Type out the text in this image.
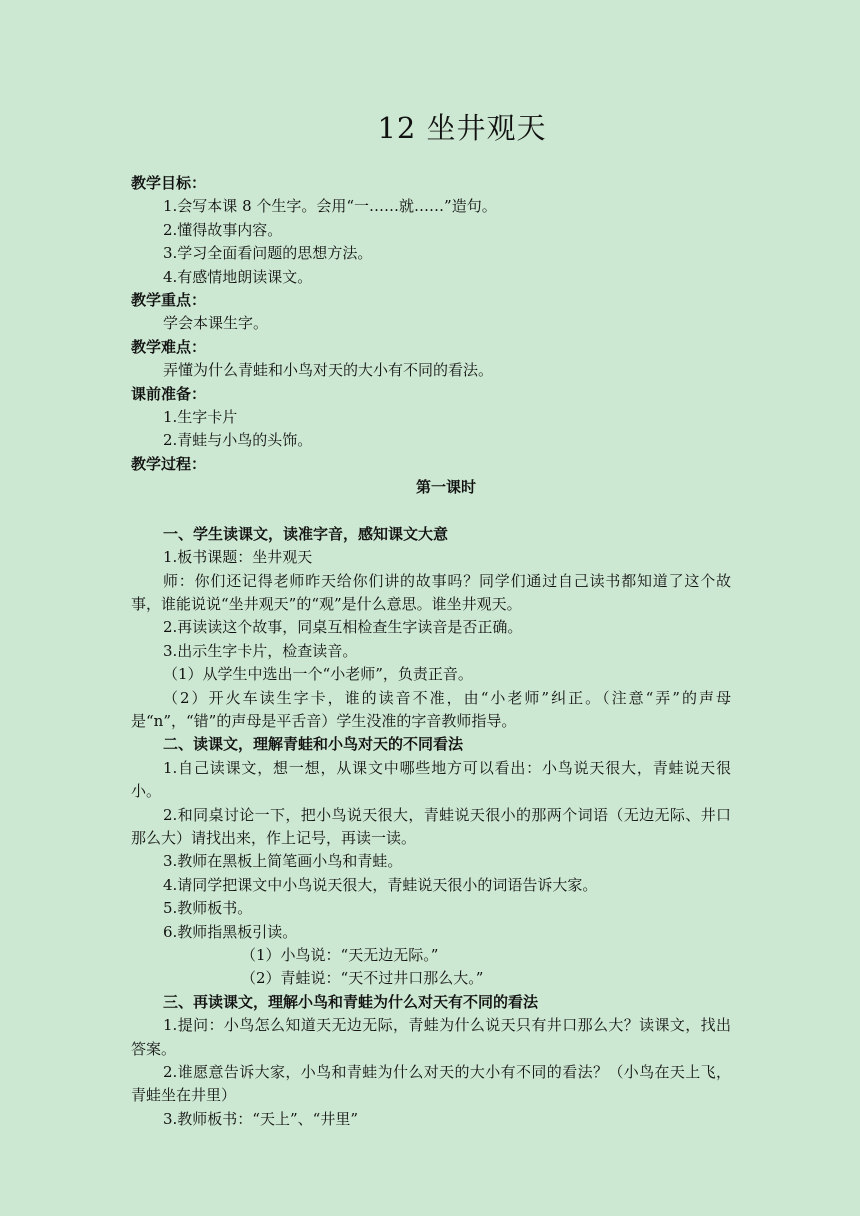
12 坐井观天

教学目标：

1.会写本课 8 个生字。会用“一……就……”造句。

2.懂得故事内容。

3.学习全面看问题的思想方法。

4.有感情地朗读课文。

教学重点：

学会本课生字。

教学难点：

弄懂为什么青蛙和小鸟对天的大小有不同的看法。

课前准备：

1.生字卡片

2.青蛙与小鸟的头饰。

教学过程：

第一课时

一、学生读课文，读准字音，感知课文大意

1.板书课题：坐井观天

师：你们还记得老师昨天给你们讲的故事吗？同学们通过自己读书都知道了这个故事，谁能说说“坐井观天”的“观”是什么意思。谁坐井观天。

2.再读读这个故事，同桌互相检查生字读音是否正确。

3.出示生字卡片，检查读音。

（1）从学生中选出一个“小老师”，负责正音。

（2）开火车读生字卡，谁的读音不准，由“小老师”纠正。（注意“弄”的声母是“n”，“错”的声母是平舌音）学生没准的字音教师指导。

二、读课文，理解青蛙和小鸟对天的不同看法

1.自己读课文，想一想，从课文中哪些地方可以看出：小鸟说天很大，青蛙说天很小。

2.和同桌讨论一下，把小鸟说天很大，青蛙说天很小的那两个词语（无边无际、井口那么大）请找出来，作上记号，再读一读。

3.教师在黑板上简笔画小鸟和青蛙。

4.请同学把课文中小鸟说天很大，青蛙说天很小的词语告诉大家。

5.教师板书。

6.教师指黑板引读。

（1）小鸟说：“天无边无际。”

（2）青蛙说：“天不过井口那么大。”

三、再读课文，理解小鸟和青蛙为什么对天有不同的看法

1.提问：小鸟怎么知道天无边无际，青蛙为什么说天只有井口那么大？读课文，找出答案。

2.谁愿意告诉大家，小鸟和青蛙为什么对天的大小有不同的看法？（小鸟在天上飞，青蛙坐在井里）

3.教师板书：“天上”、“井里”
